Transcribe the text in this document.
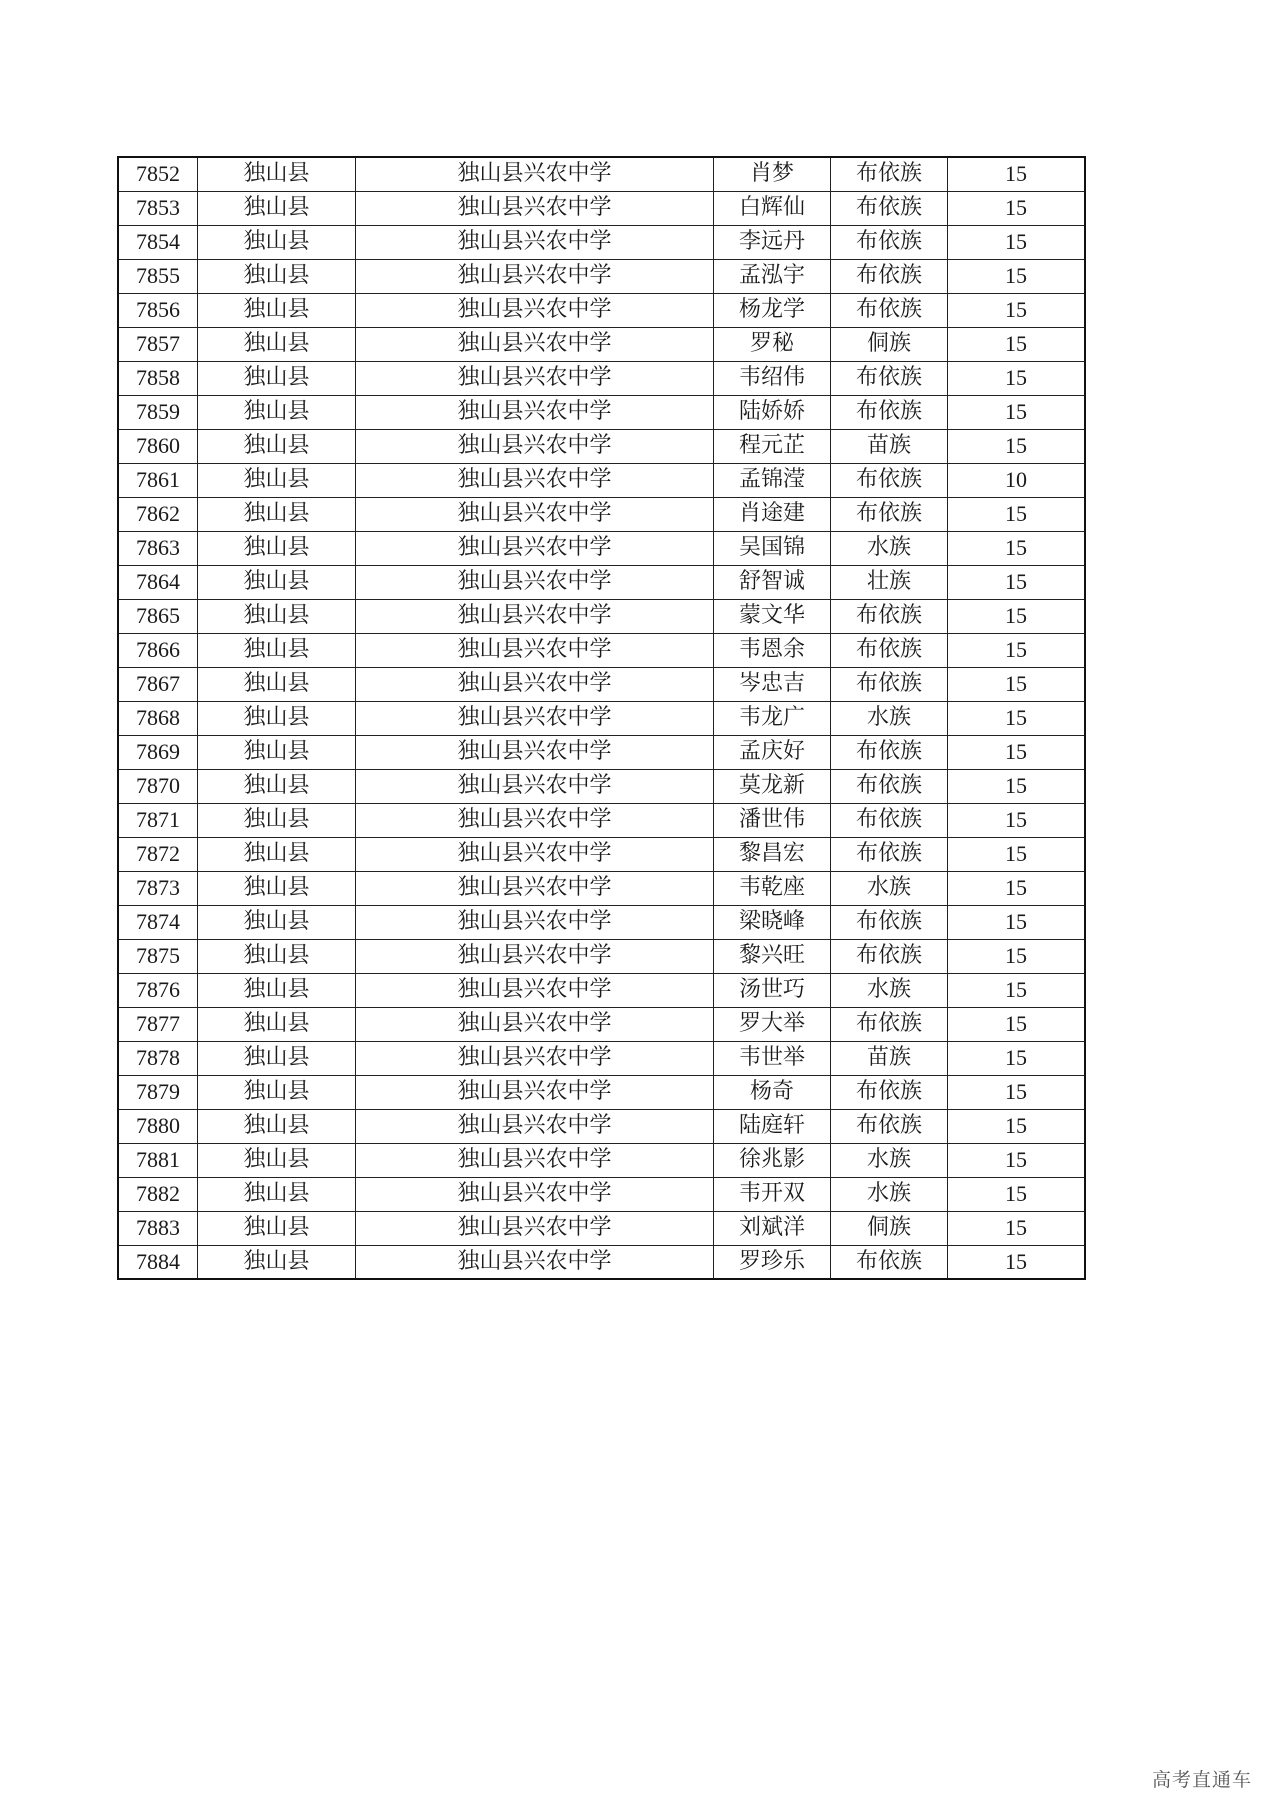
7852	独山县	独山县兴农中学	肖梦	布依族	15
7853	独山县	独山县兴农中学	白辉仙	布依族	15
7854	独山县	独山县兴农中学	李远丹	布依族	15
7855	独山县	独山县兴农中学	孟泓宇	布依族	15
7856	独山县	独山县兴农中学	杨龙学	布依族	15
7857	独山县	独山县兴农中学	罗秘	侗族	15
7858	独山县	独山县兴农中学	韦绍伟	布依族	15
7859	独山县	独山县兴农中学	陆娇娇	布依族	15
7860	独山县	独山县兴农中学	程元芷	苗族	15
7861	独山县	独山县兴农中学	孟锦滢	布依族	10
7862	独山县	独山县兴农中学	肖途建	布依族	15
7863	独山县	独山县兴农中学	吴国锦	水族	15
7864	独山县	独山县兴农中学	舒智诚	壮族	15
7865	独山县	独山县兴农中学	蒙文华	布依族	15
7866	独山县	独山县兴农中学	韦恩余	布依族	15
7867	独山县	独山县兴农中学	岑忠吉	布依族	15
7868	独山县	独山县兴农中学	韦龙广	水族	15
7869	独山县	独山县兴农中学	孟庆好	布依族	15
7870	独山县	独山县兴农中学	莫龙新	布依族	15
7871	独山县	独山县兴农中学	潘世伟	布依族	15
7872	独山县	独山县兴农中学	黎昌宏	布依族	15
7873	独山县	独山县兴农中学	韦乾座	水族	15
7874	独山县	独山县兴农中学	梁晓峰	布依族	15
7875	独山县	独山县兴农中学	黎兴旺	布依族	15
7876	独山县	独山县兴农中学	汤世巧	水族	15
7877	独山县	独山县兴农中学	罗大举	布依族	15
7878	独山县	独山县兴农中学	韦世举	苗族	15
7879	独山县	独山县兴农中学	杨奇	布依族	15
7880	独山县	独山县兴农中学	陆庭轩	布依族	15
7881	独山县	独山县兴农中学	徐兆影	水族	15
7882	独山县	独山县兴农中学	韦开双	水族	15
7883	独山县	独山县兴农中学	刘斌洋	侗族	15
7884	独山县	独山县兴农中学	罗珍乐	布依族	15
高考直通车
